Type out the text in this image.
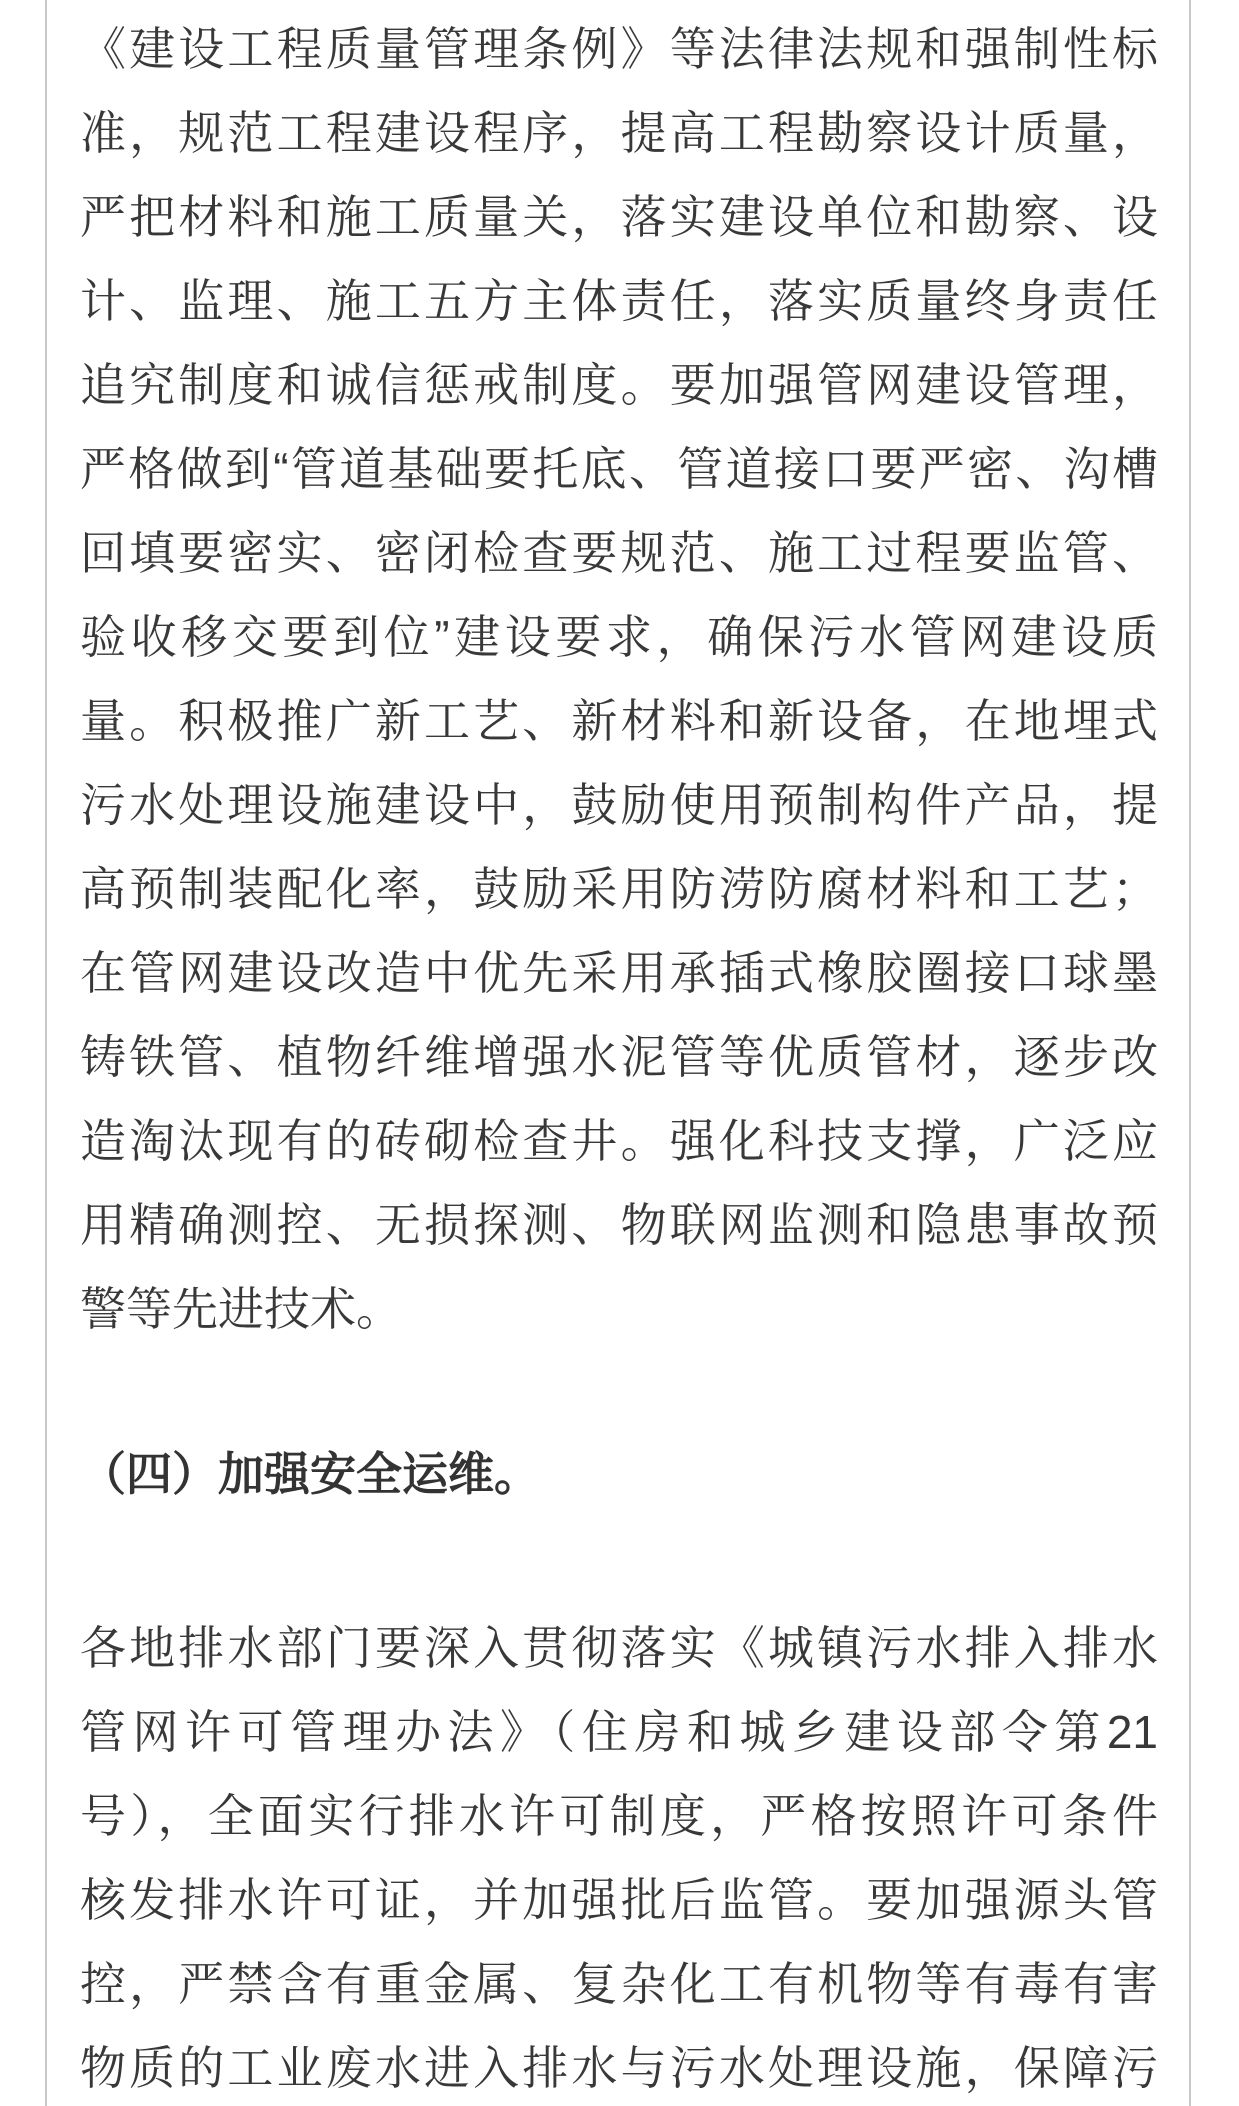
《建设工程质量管理条例》等法律法规和强制性标
准，规范工程建设程序，提高工程勘察设计质量，
严把材料和施工质量关，落实建设单位和勘察、设
计、监理、施工五方主体责任，落实质量终身责任
追究制度和诚信惩戒制度。要加强管网建设管理，
严格做到“管道基础要托底、管道接口要严密、沟槽
回填要密实、密闭检查要规范、施工过程要监管、
验收移交要到位”建设要求，确保污水管网建设质
量。积极推广新工艺、新材料和新设备，在地埋式
污水处理设施建设中，鼓励使用预制构件产品，提
高预制装配化率，鼓励采用防涝防腐材料和工艺；
在管网建设改造中优先采用承插式橡胶圈接口球墨
铸铁管、植物纤维增强水泥管等优质管材，逐步改
造淘汰现有的砖砌检查井。强化科技支撑，广泛应
用精确测控、无损探测、物联网监测和隐患事故预
警等先进技术。
（四）加强安全运维。
各地排水部门要深入贯彻落实《城镇污水排入排水
管网许可管理办法》（住房和城乡建设部令第21
号），全面实行排水许可制度，严格按照许可条件
核发排水许可证，并加强批后监管。要加强源头管
控，严禁含有重金属、复杂化工有机物等有毒有害
物质的工业废水进入排水与污水处理设施，保障污
